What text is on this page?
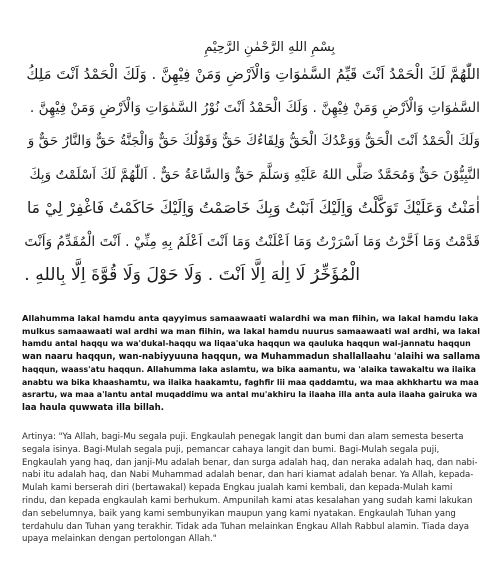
بِسْمِ اللهِ الرَّحْمٰنِ الرَّحِيْمِ
اللّٰهُمَّ لَكَ الْحَمْدُ اَنْتَ قَيِّمُ السَّمٰوَاتِ وَالْاَرْضِ وَمَنْ فِيْهِنَّ . وَلَكَ الْحَمْدُ اَنْتَ مَلِكُ
السَّمٰوَاتِ وَالْاَرْضِ وَمَنْ فِيْهِنَّ . وَلَكَ الْحَمْدُ اَنْتَ نُوْرُ السَّمٰوَاتِ وَالْاَرْضِ وَمَنْ فِيْهِنَّ .
وَلَكَ الْحَمْدُ اَنْتَ الْحَقُّ وَوَعْدُكَ الْحَقُّ وَلِقَاءُكَ حَقٌّ وَقَوْلُكَ حَقٌّ وَالْجَنَّةُ حَقٌّ وَالنَّارُ حَقٌّ وَ
النَّبِيُّوْنَ حَقٌّ وَمُحَمَّدٌ صَلَّى اللهُ عَلَيْهِ وَسَلَّمَ حَقٌّ وَالسَّاعَةُ حَقٌّ . اَللّٰهُمَّ لَكَ اَسْلَمْتُ وَبِكَ
اٰمَنْتُ وَعَلَيْكَ تَوَكَّلْتُ وَاِلَيْكَ اَنَبْتُ وَبِكَ خَاصَمْتُ وَاِلَيْكَ حَاكَمْتُ فَاغْفِرْ لِيْ مَا
قَدَّمْتُ وَمَا اَخَّرْتُ وَمَا اَسْرَرْتُ وَمَا اَعْلَنْتُ وَمَا اَنْتَ اَعْلَمُ بِهِ مِنِّيْ . اَنْتَ الْمُقَدِّمُ وَاَنْتَ
الْمُؤَخِّرُ لَا اِلٰهَ اِلَّا اَنْتَ . وَلَا حَوْلَ وَلَا قُوَّةَ اِلَّا بِاللهِ .
Allahumma lakal hamdu anta qayyimus samaawaati walardhi wa man fiihin, wa lakal hamdu laka
mulkus samaawaati wal ardhi wa man fiihin, wa lakal hamdu nuurus samaawaati wal ardhi, wa lakal
hamdu antal haqqu wa wa'dukal-haqqu wa liqaa'uka haqqun wa qauluka haqqun wal-jannatu haqqun
wan naaru haqqun, wan-nabiyyuuna haqqun, wa Muhammadun shallallaahu 'alaihi wa sallama
haqqun, waass'atu haqqun. Allahumma laka aslamtu, wa bika aamantu, wa 'alaika tawakaltu wa ilaika
anabtu wa bika khaashamtu, wa ilaika haakamtu, faghfir lii maa qaddamtu, wa maa akhkhartu wa maa
asrartu, wa maa a'lantu antal muqaddimu wa antal mu'akhiru la ilaaha illa anta aula ilaaha gairuka wa
laa haula quwwata illa billah.
Artinya: "Ya Allah, bagi-Mu segala puji. Engkaulah penegak langit dan bumi dan alam semesta beserta
segala isinya. Bagi-Mulah segala puji, pemancar cahaya langit dan bumi. Bagi-Mulah segala puji,
Engkaulah yang haq, dan janji-Mu adalah benar, dan surga adalah haq, dan neraka adalah haq, dan nabi-
nabi itu adalah haq, dan Nabi Muhammad adalah benar, dan hari kiamat adalah benar. Ya Allah, kepada-
Mulah kami berserah diri (bertawakal) kepada Engkau jualah kami kembali, dan kepada-Mulah kami
rindu, dan kepada engkaulah kami berhukum. Ampunilah kami atas kesalahan yang sudah kami lakukan
dan sebelumnya, baik yang kami sembunyikan maupun yang kami nyatakan. Engkaulah Tuhan yang
terdahulu dan Tuhan yang terakhir. Tidak ada Tuhan melainkan Engkau Allah Rabbul alamin. Tiada daya
upaya melainkan dengan pertolongan Allah."
